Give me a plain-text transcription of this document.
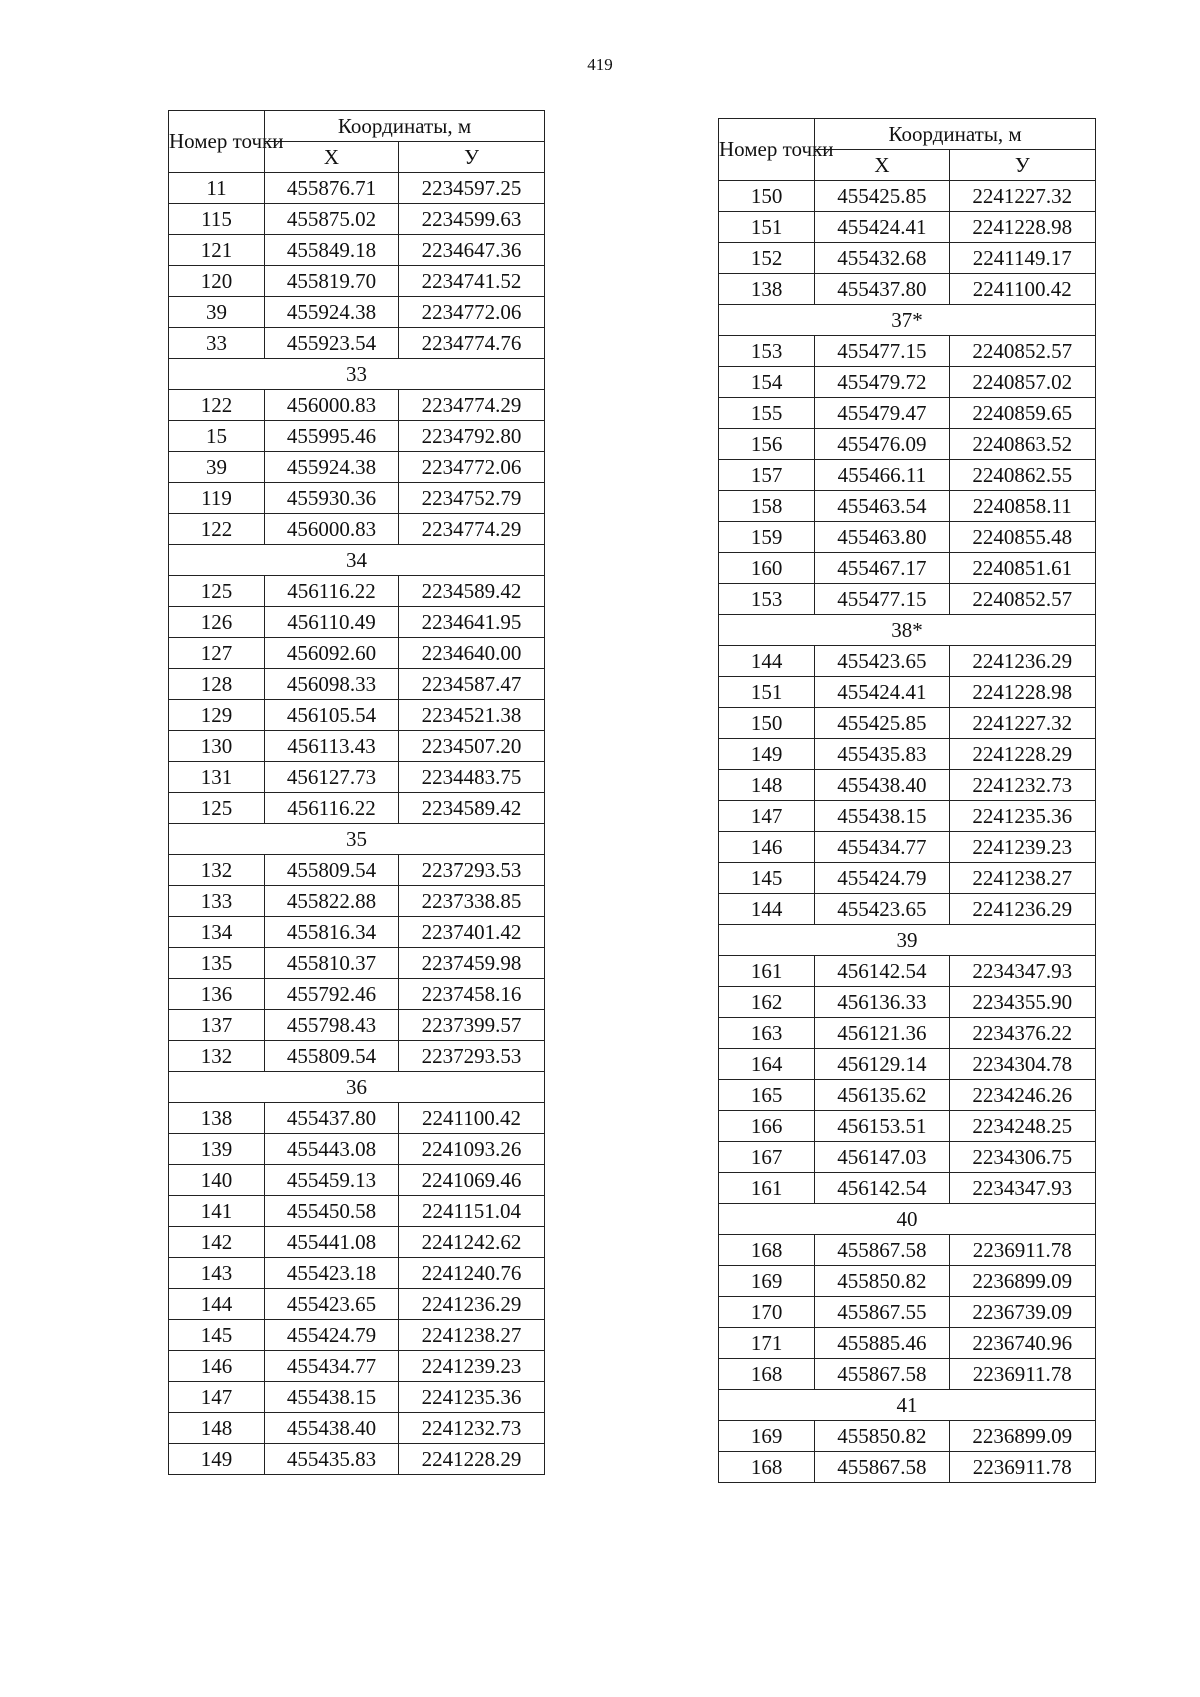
419
Номер точки	Координаты, м	
	Х	У
11	455876.71	2234597.25
115	455875.02	2234599.63
121	455849.18	2234647.36
120	455819.70	2234741.52
39	455924.38	2234772.06
33	455923.54	2234774.76
33		
122	456000.83	2234774.29
15	455995.46	2234792.80
39	455924.38	2234772.06
119	455930.36	2234752.79
122	456000.83	2234774.29
34		
125	456116.22	2234589.42
126	456110.49	2234641.95
127	456092.60	2234640.00
128	456098.33	2234587.47
129	456105.54	2234521.38
130	456113.43	2234507.20
131	456127.73	2234483.75
125	456116.22	2234589.42
35		
132	455809.54	2237293.53
133	455822.88	2237338.85
134	455816.34	2237401.42
135	455810.37	2237459.98
136	455792.46	2237458.16
137	455798.43	2237399.57
132	455809.54	2237293.53
36		
138	455437.80	2241100.42
139	455443.08	2241093.26
140	455459.13	2241069.46
141	455450.58	2241151.04
142	455441.08	2241242.62
143	455423.18	2241240.76
144	455423.65	2241236.29
145	455424.79	2241238.27
146	455434.77	2241239.23
147	455438.15	2241235.36
148	455438.40	2241232.73
149	455435.83	2241228.29
Номер точки	Координаты, м	
	Х	У
150	455425.85	2241227.32
151	455424.41	2241228.98
152	455432.68	2241149.17
138	455437.80	2241100.42
37*		
153	455477.15	2240852.57
154	455479.72	2240857.02
155	455479.47	2240859.65
156	455476.09	2240863.52
157	455466.11	2240862.55
158	455463.54	2240858.11
159	455463.80	2240855.48
160	455467.17	2240851.61
153	455477.15	2240852.57
38*		
144	455423.65	2241236.29
151	455424.41	2241228.98
150	455425.85	2241227.32
149	455435.83	2241228.29
148	455438.40	2241232.73
147	455438.15	2241235.36
146	455434.77	2241239.23
145	455424.79	2241238.27
144	455423.65	2241236.29
39		
161	456142.54	2234347.93
162	456136.33	2234355.90
163	456121.36	2234376.22
164	456129.14	2234304.78
165	456135.62	2234246.26
166	456153.51	2234248.25
167	456147.03	2234306.75
161	456142.54	2234347.93
40		
168	455867.58	2236911.78
169	455850.82	2236899.09
170	455867.55	2236739.09
171	455885.46	2236740.96
168	455867.58	2236911.78
41		
169	455850.82	2236899.09
168	455867.58	2236911.78
